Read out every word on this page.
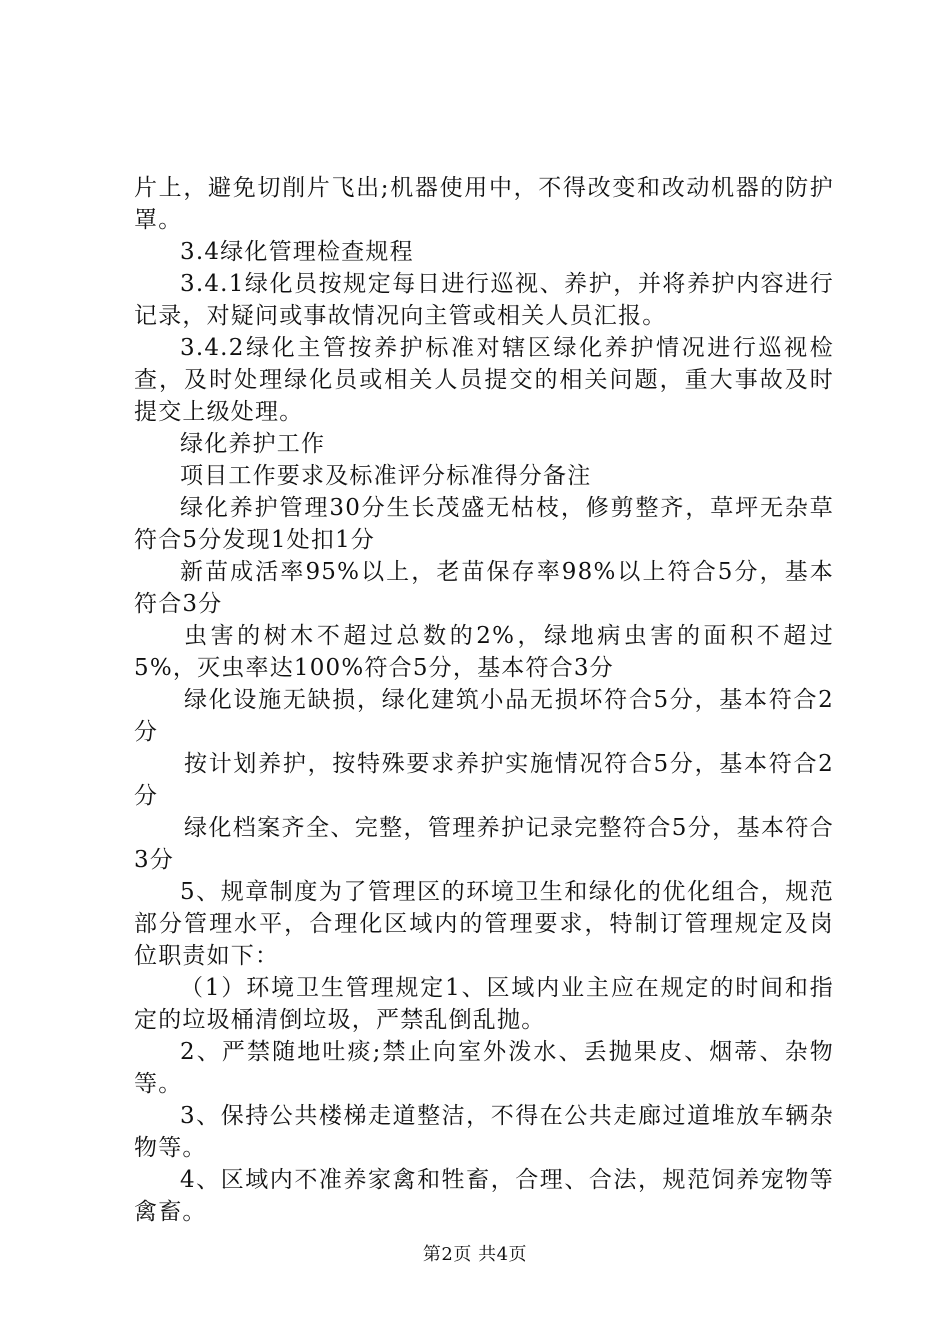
片上，避免切削片飞出;机器使用中，不得改变和改动机器的防护罩。

3.4绿化管理检查规程

3.4.1绿化员按规定每日进行巡视、养护，并将养护内容进行记录，对疑问或事故情况向主管或相关人员汇报。

3.4.2绿化主管按养护标准对辖区绿化养护情况进行巡视检查，及时处理绿化员或相关人员提交的相关问题，重大事故及时提交上级处理。

绿化养护工作

项目工作要求及标准评分标准得分备注

绿化养护管理30分生长茂盛无枯枝，修剪整齐，草坪无杂草符合5分发现1处扣1分

新苗成活率95%以上，老苗保存率98%以上符合5分，基本符合3分

虫害的树木不超过总数的2%，绿地病虫害的面积不超过5%，灭虫率达100%符合5分，基本符合3分

绿化设施无缺损，绿化建筑小品无损坏符合5分，基本符合2分

按计划养护，按特殊要求养护实施情况符合5分，基本符合2分

绿化档案齐全、完整，管理养护记录完整符合5分，基本符合3分

5、规章制度为了管理区的环境卫生和绿化的优化组合，规范部分管理水平，合理化区域内的管理要求，特制订管理规定及岗位职责如下：

（1）环境卫生管理规定1、区域内业主应在规定的时间和指定的垃圾桶清倒垃圾，严禁乱倒乱抛。

2、严禁随地吐痰;禁止向室外泼水、丢抛果皮、烟蒂、杂物等。

3、保持公共楼梯走道整洁，不得在公共走廊过道堆放车辆杂物等。

4、区域内不准养家禽和牲畜，合理、合法，规范饲养宠物等禽畜。

第2页 共4页
